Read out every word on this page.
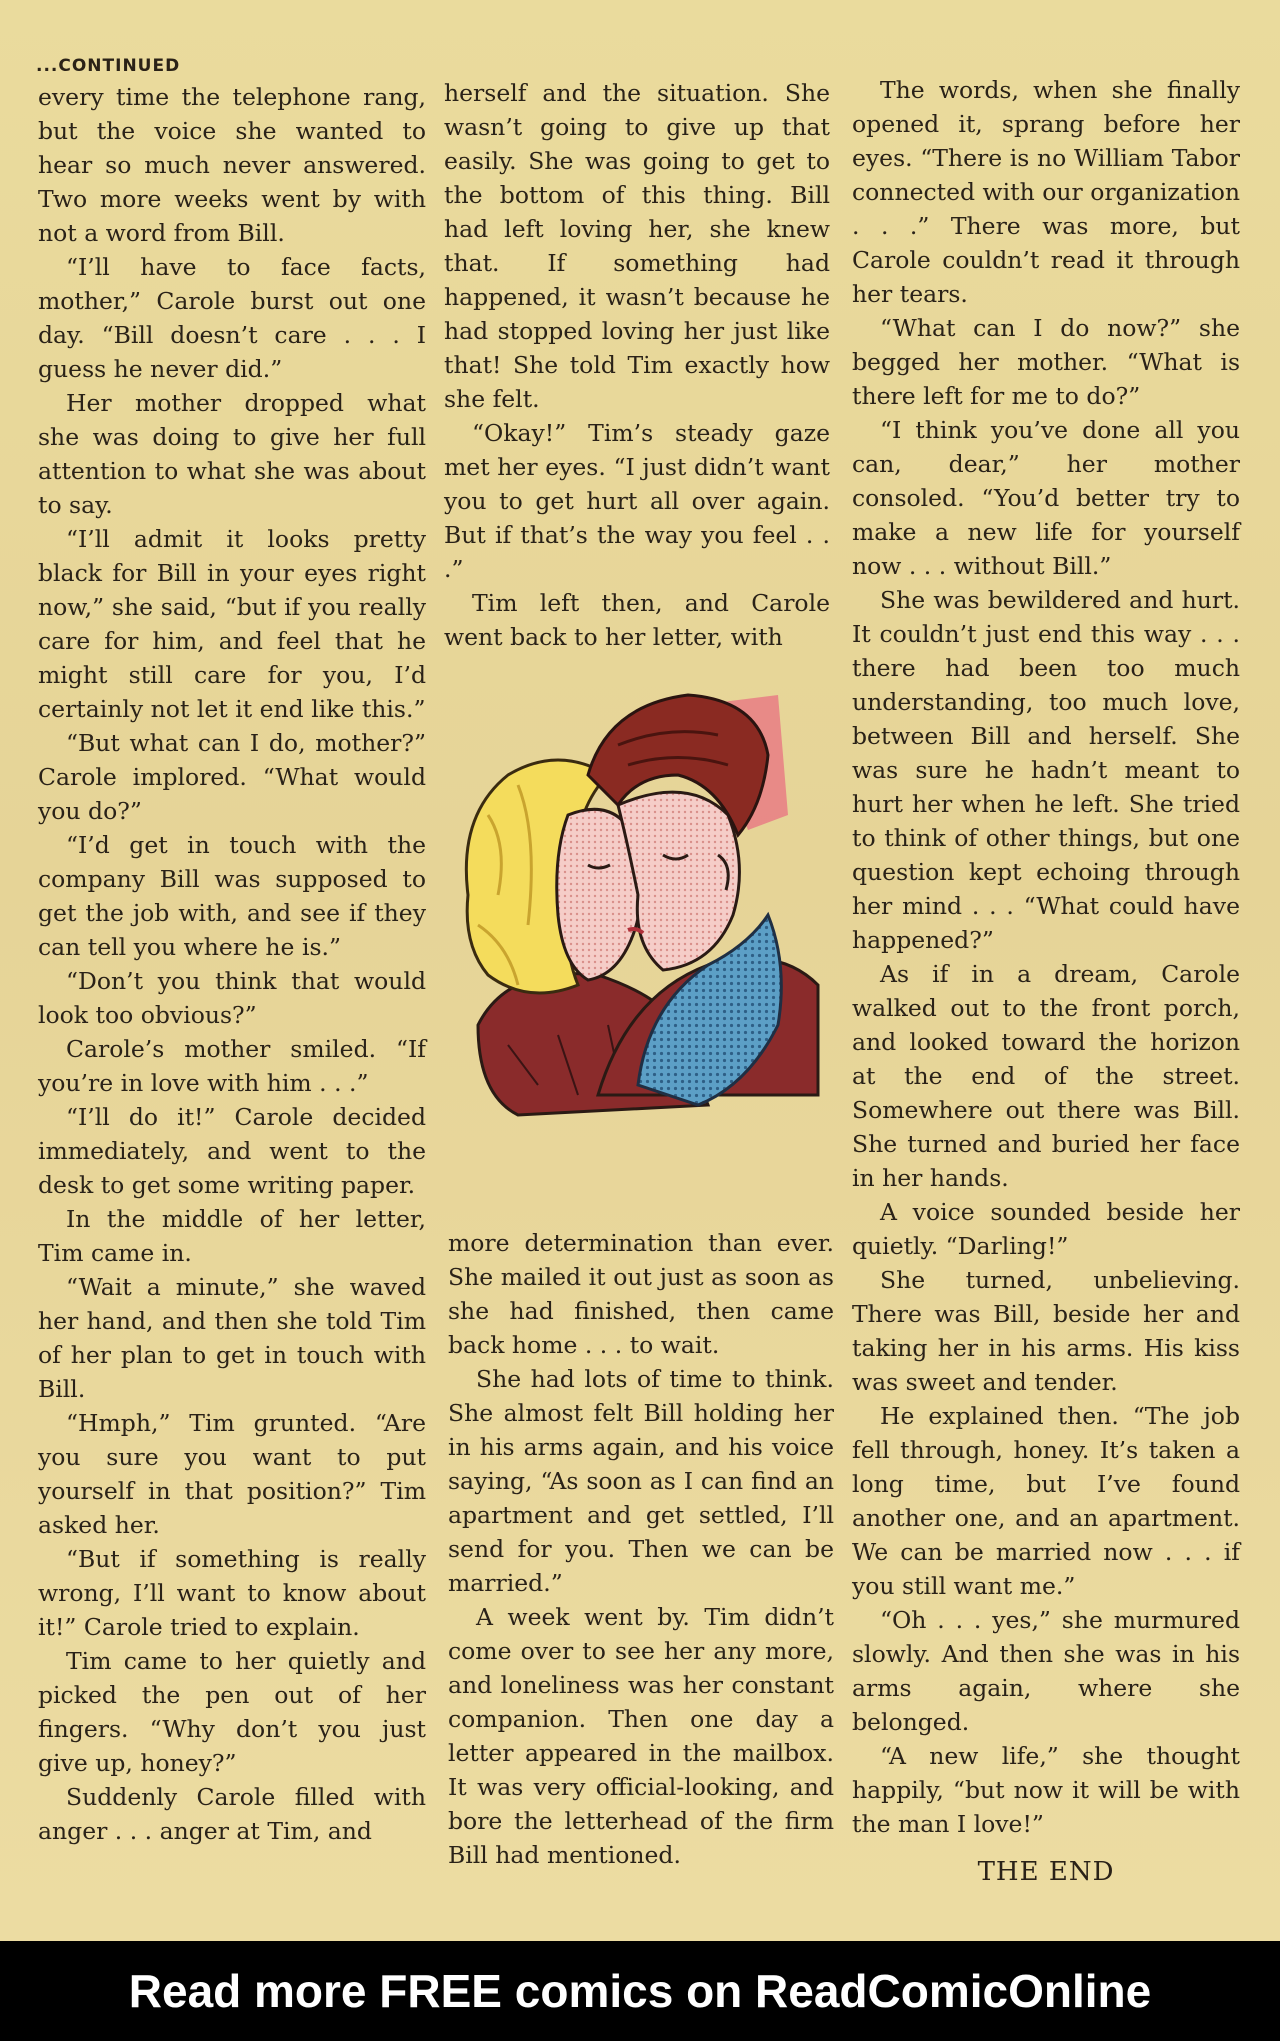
...CONTINUED

every time the telephone rang, but the voice she wanted to hear so much never answered. Two more weeks went by with not a word from Bill.

“I’ll have to face facts, mother,” Carole burst out one day. “Bill doesn’t care . . . I guess he never did.”

Her mother dropped what she was doing to give her full attention to what she was about to say.

“I’ll admit it looks pretty black for Bill in your eyes right now,” she said, “but if you really care for him, and feel that he might still care for you, I’d certainly not let it end like this.”

“But what can I do, mother?” Carole implored. “What would you do?”

“I’d get in touch with the company Bill was supposed to get the job with, and see if they can tell you where he is.”

“Don’t you think that would look too obvious?”

Carole’s mother smiled. “If you’re in love with him . . .”

“I’ll do it!” Carole decided immediately, and went to the desk to get some writing paper.

In the middle of her letter, Tim came in.

“Wait a minute,” she waved her hand, and then she told Tim of her plan to get in touch with Bill.

“Hmph,” Tim grunted. “Are you sure you want to put yourself in that position?” Tim asked her.

“But if something is really wrong, I’ll want to know about it!” Carole tried to explain.

Tim came to her quietly and picked the pen out of her fingers. “Why don’t you just give up, honey?”

Suddenly Carole filled with anger . . . anger at Tim, and

herself and the situation. She wasn’t going to give up that easily. She was going to get to the bottom of this thing. Bill had left loving her, she knew that. If something had happened, it wasn’t because he had stopped loving her just like that! She told Tim exactly how she felt.

“Okay!” Tim’s steady gaze met her eyes. “I just didn’t want you to get hurt all over again. But if that’s the way you feel . . .”

Tim left then, and Carole went back to her letter, with

more determination than ever. She mailed it out just as soon as she had finished, then came back home . . . to wait.

She had lots of time to think. She almost felt Bill holding her in his arms again, and his voice saying, “As soon as I can find an apartment and get settled, I’ll send for you. Then we can be married.”

A week went by. Tim didn’t come over to see her any more, and loneliness was her constant companion. Then one day a letter appeared in the mailbox. It was very official-looking, and bore the letterhead of the firm Bill had mentioned.

The words, when she finally opened it, sprang before her eyes. “There is no William Tabor connected with our organization . . .” There was more, but Carole couldn’t read it through her tears.

“What can I do now?” she begged her mother. “What is there left for me to do?”

“I think you’ve done all you can, dear,” her mother consoled. “You’d better try to make a new life for yourself now . . . without Bill.”

She was bewildered and hurt. It couldn’t just end this way . . . there had been too much understanding, too much love, between Bill and herself. She was sure he hadn’t meant to hurt her when he left. She tried to think of other things, but one question kept echoing through her mind . . . “What could have happened?”

As if in a dream, Carole walked out to the front porch, and looked toward the horizon at the end of the street. Somewhere out there was Bill. She turned and buried her face in her hands.

A voice sounded beside her quietly. “Darling!”

She turned, unbelieving. There was Bill, beside her and taking her in his arms. His kiss was sweet and tender.

He explained then. “The job fell through, honey. It’s taken a long time, but I’ve found another one, and an apartment. We can be married now . . . if you still want me.”

“Oh . . . yes,” she murmured slowly. And then she was in his arms again, where she belonged.

“A new life,” she thought happily, “but now it will be with the man I love!”

THE END

Read more FREE comics on ReadComicOnline
